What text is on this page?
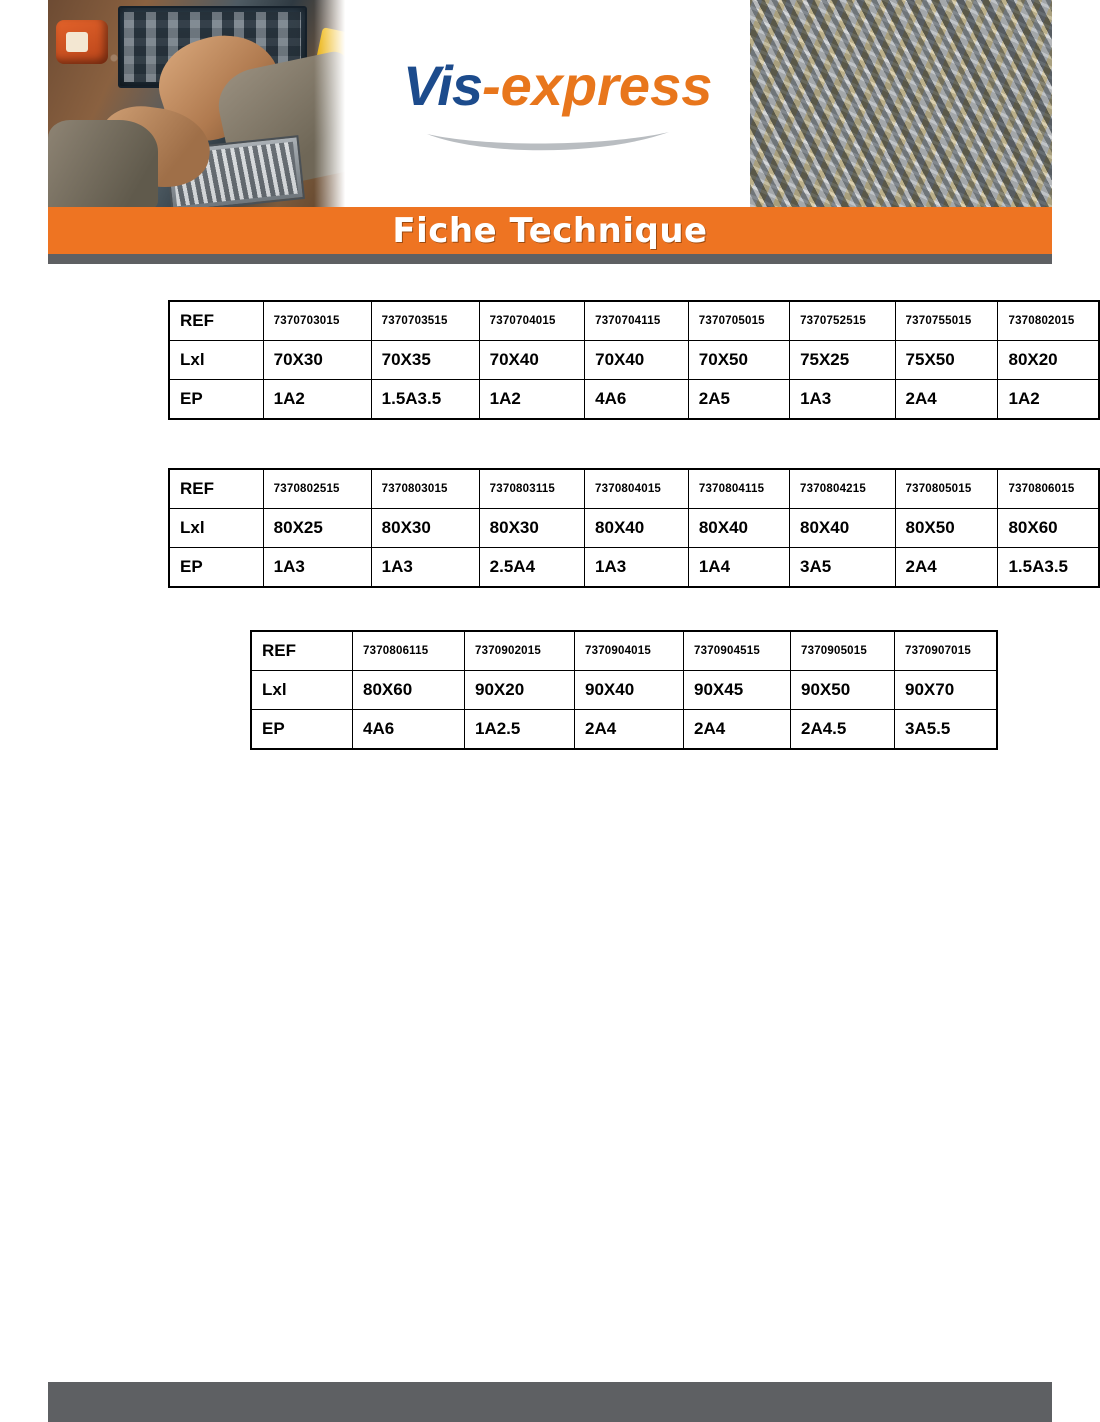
Vis-express
Fiche Technique
REF	7370703015	7370703515	7370704015	7370704115	7370705015	7370752515	7370755015	7370802015
Lxl	70X30	70X35	70X40	70X40	70X50	75X25	75X50	80X20
EP	1A2	1.5A3.5	1A2	4A6	2A5	1A3	2A4	1A2
REF	7370802515	7370803015	7370803115	7370804015	7370804115	7370804215	7370805015	7370806015
Lxl	80X25	80X30	80X30	80X40	80X40	80X40	80X50	80X60
EP	1A3	1A3	2.5A4	1A3	1A4	3A5	2A4	1.5A3.5
REF	7370806115	7370902015	7370904015	7370904515	7370905015	7370907015
Lxl	80X60	90X20	90X40	90X45	90X50	90X70
EP	4A6	1A2.5	2A4	2A4	2A4.5	3A5.5
